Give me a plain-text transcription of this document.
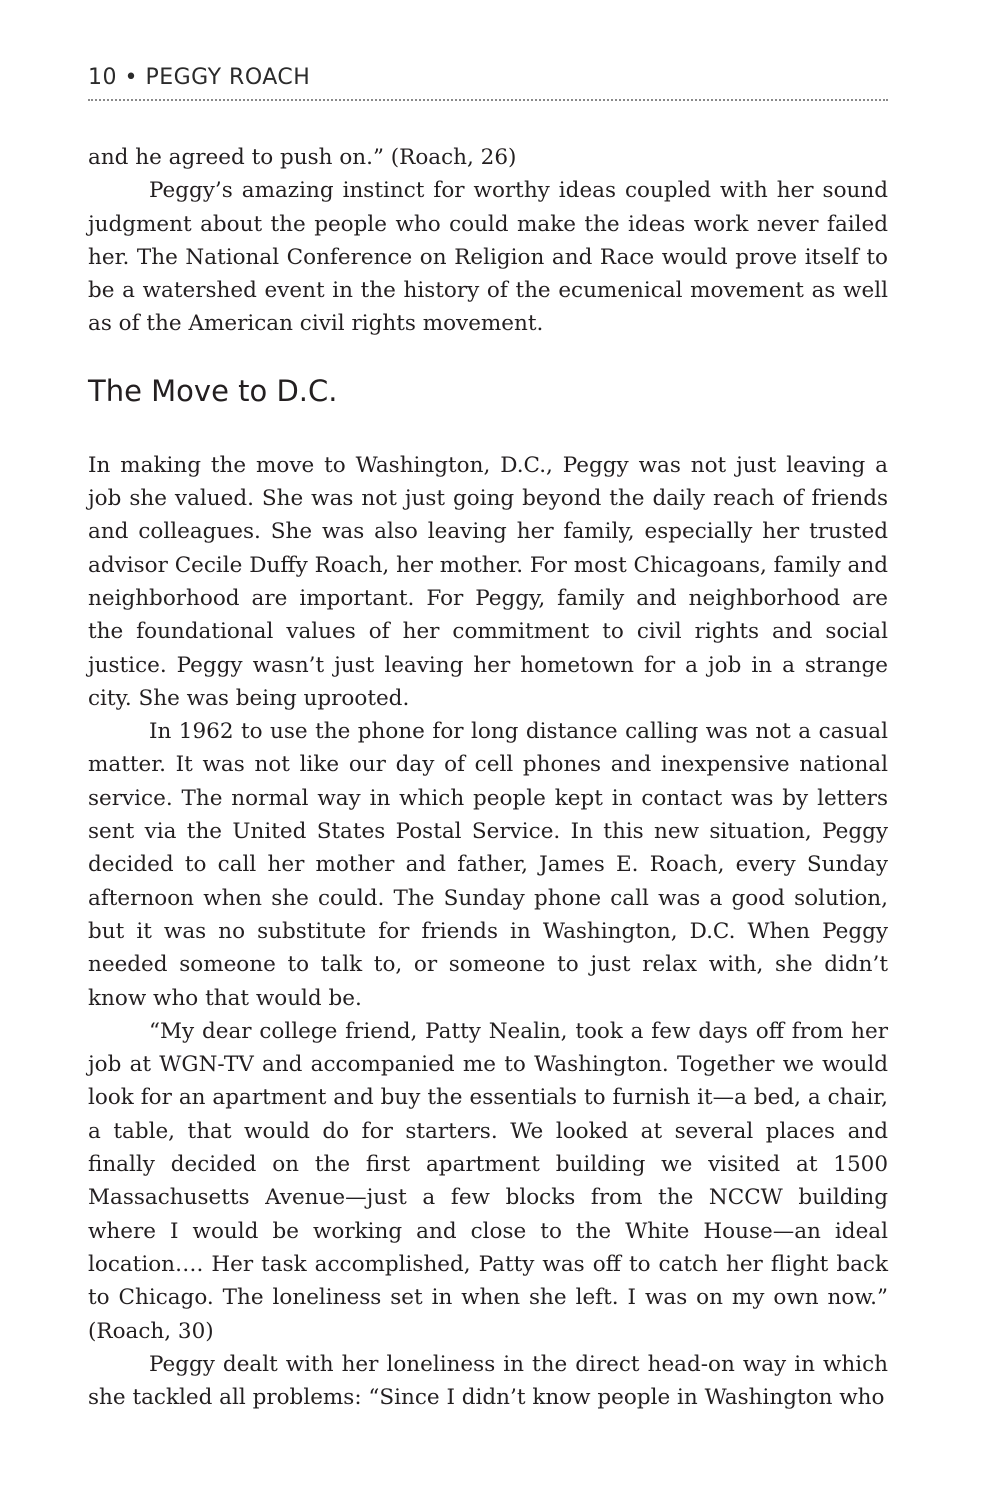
10 • PEGGY ROACH

and he agreed to push on.” (Roach, 26)

Peggy’s amazing instinct for worthy ideas coupled with her sound judgment about the people who could make the ideas work never failed her. The National Conference on Religion and Race would prove itself to be a watershed event in the history of the ecumenical movement as well as of the American civil rights movement.

The Move to D.C.

In making the move to Washington, D.C., Peggy was not just leaving a job she valued. She was not just going beyond the daily reach of friends and colleagues. She was also leaving her family, especially her trusted advisor Cecile Duffy Roach, her mother. For most Chicagoans, family and neighborhood are important. For Peggy, family and neighborhood are the foundational values of her commitment to civil rights and social justice. Peggy wasn’t just leaving her hometown for a job in a strange city. She was being uprooted.

In 1962 to use the phone for long distance calling was not a casual matter. It was not like our day of cell phones and inexpensive national service. The normal way in which people kept in contact was by letters sent via the United States Postal Service. In this new situation, Peggy decided to call her mother and father, James E. Roach, every Sunday afternoon when she could. The Sunday phone call was a good solution, but it was no substitute for friends in Washington, D.C. When Peggy needed someone to talk to, or someone to just relax with, she didn’t know who that would be.

“My dear college friend, Patty Nealin, took a few days off from her job at WGN-TV and accompanied me to Washington. Together we would look for an apartment and buy the essentials to furnish it—a bed, a chair, a table, that would do for starters. We looked at several places and finally decided on the first apartment building we visited at 1500 Massachusetts Avenue—just a few blocks from the NCCW building where I would be working and close to the White House—an ideal location…. Her task accomplished, Patty was off to catch her flight back to Chicago. The loneliness set in when she left. I was on my own now.” (Roach, 30)

Peggy dealt with her loneliness in the direct head-on way in which she tackled all problems: “Since I didn’t know people in Washington who
